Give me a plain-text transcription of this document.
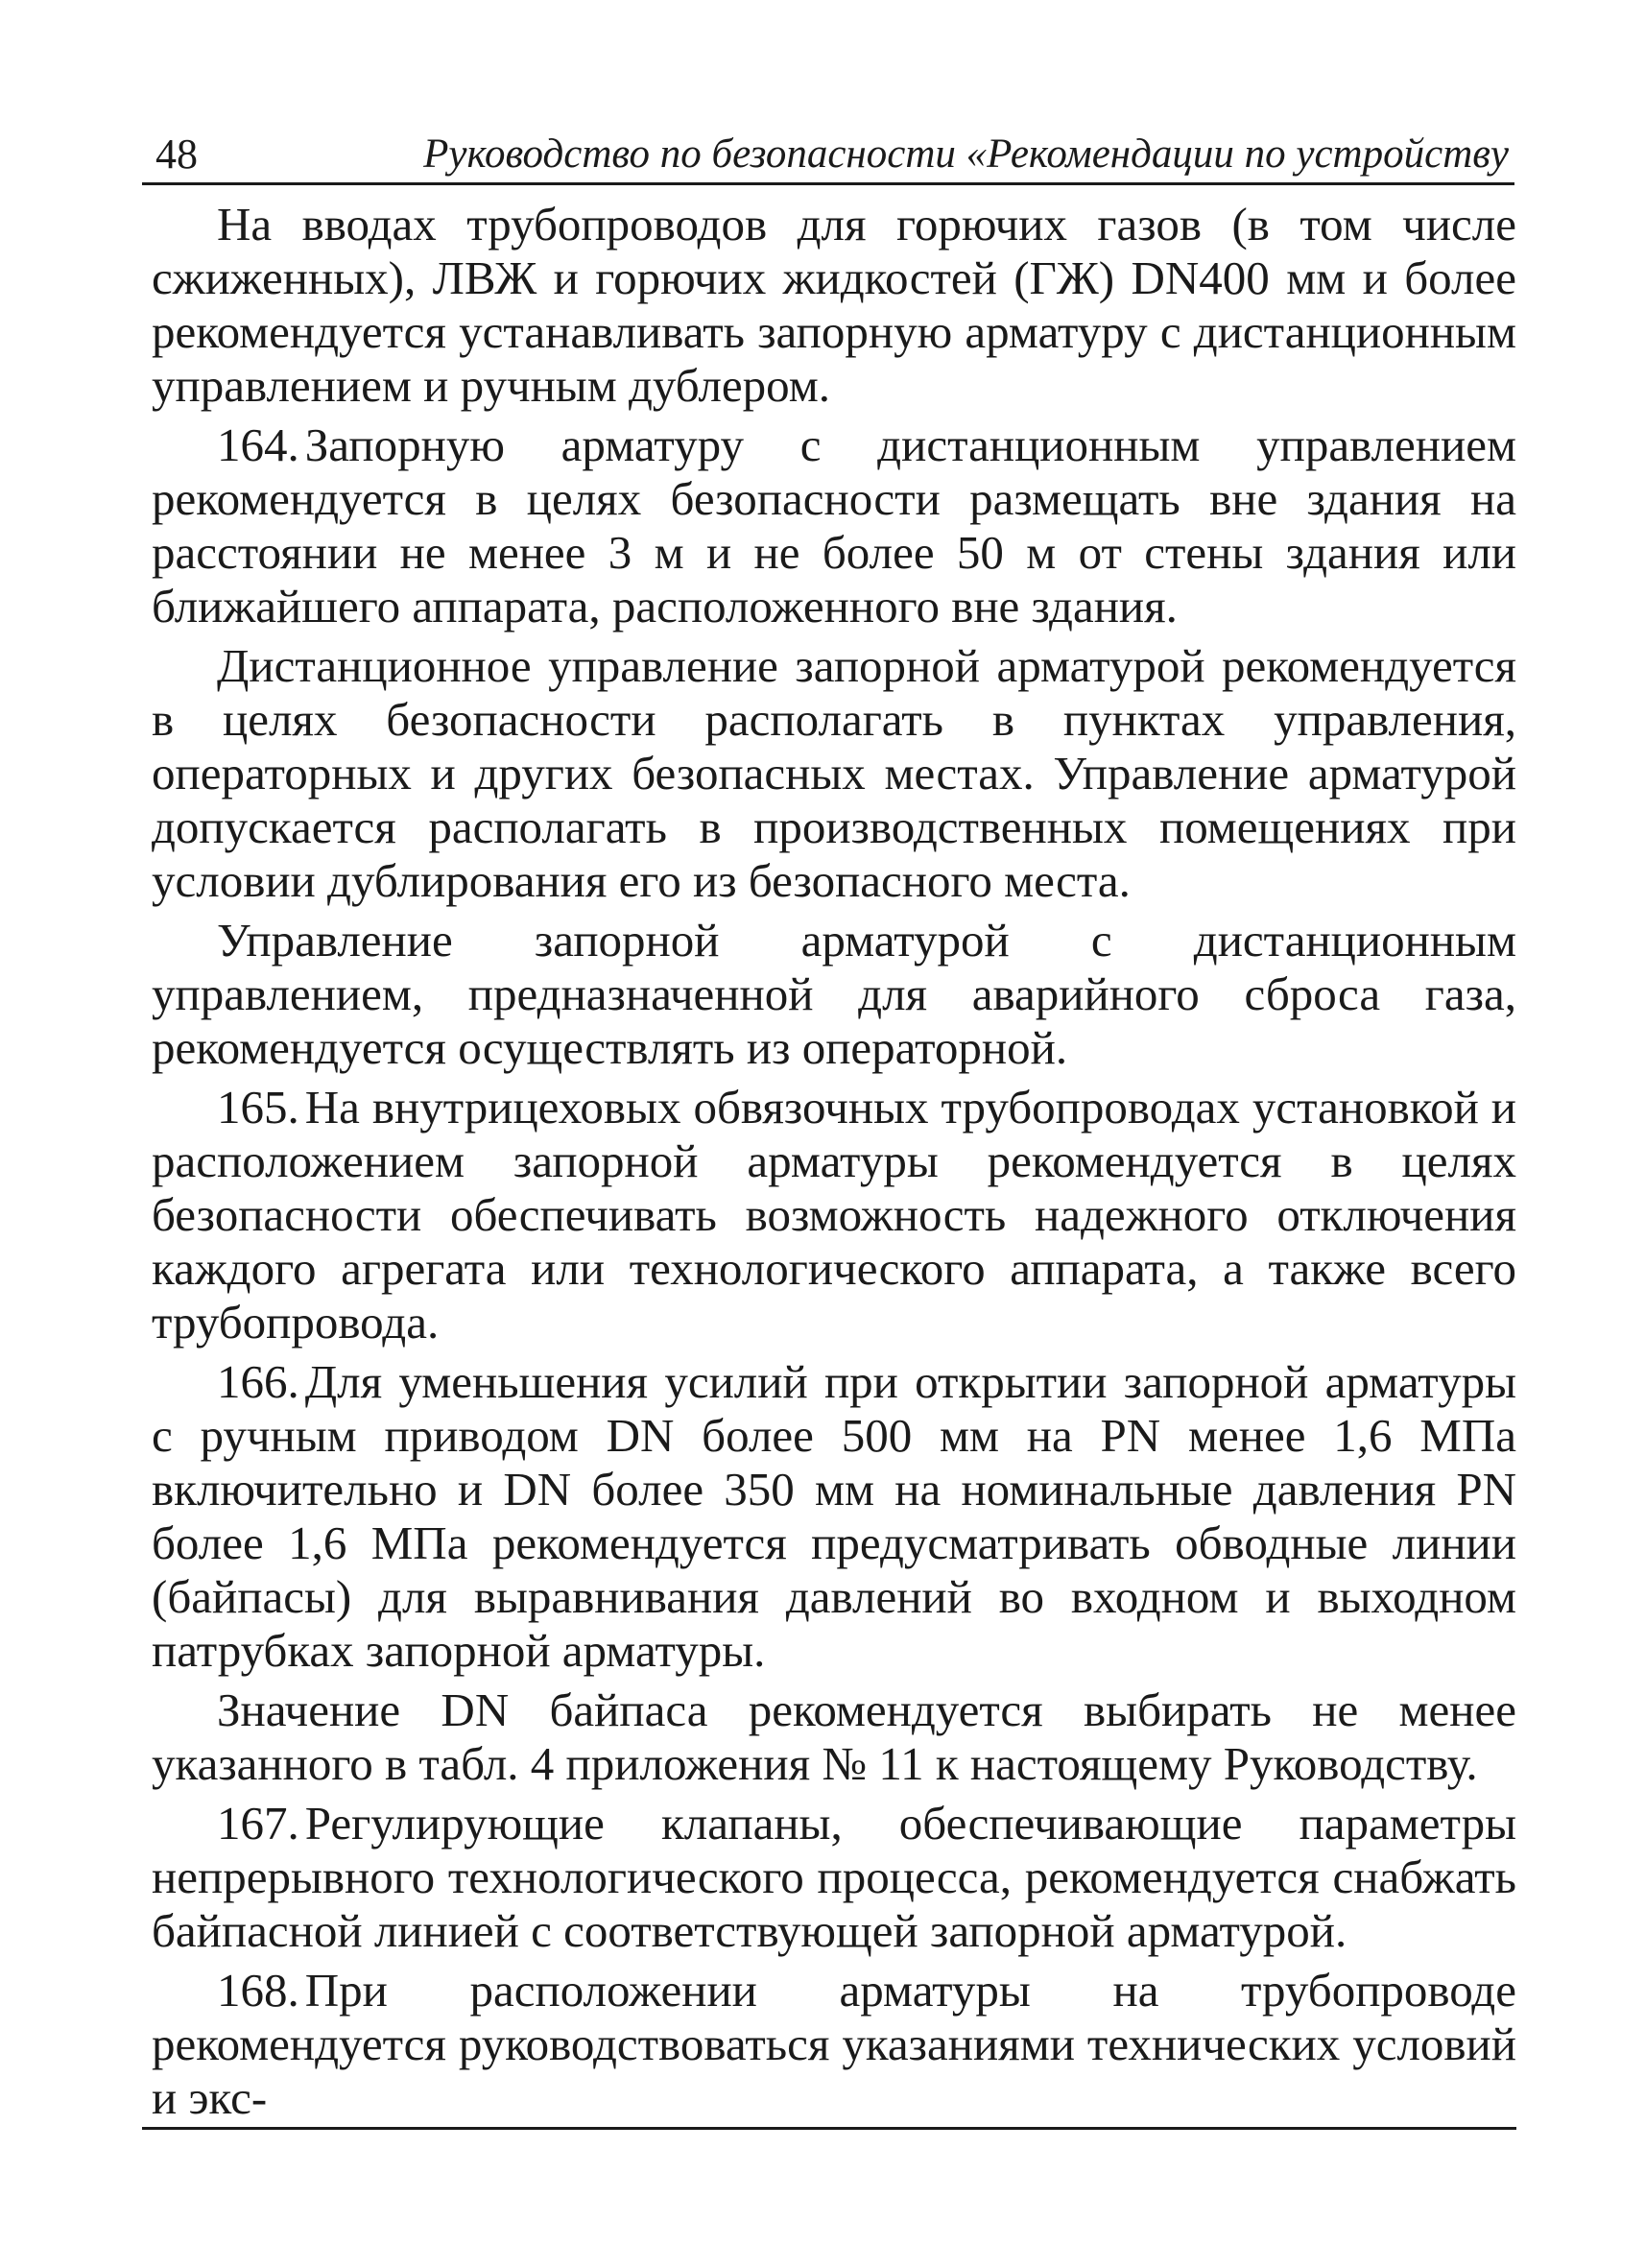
48	Руководство по безопасности «Рекомендации по устройству

На вводах трубопроводов для горючих газов (в том числе сжиженных), ЛВЖ и горючих жидкостей (ГЖ) DN400 мм и более рекомендуется устанавливать запорную арматуру с дистанционным управлением и ручным дублером.

164. Запорную арматуру с дистанционным управлением рекомендуется в целях безопасности размещать вне здания на расстоянии не менее 3 м и не более 50 м от стены здания или ближайшего аппарата, расположенного вне здания.

Дистанционное управление запорной арматурой рекомендуется в целях безопасности располагать в пунктах управления, операторных и других безопасных местах. Управление арматурой допускается располагать в производственных помещениях при условии дублирования его из безопасного места.

Управление запорной арматурой с дистанционным управлением, предназначенной для аварийного сброса газа, рекомендуется осуществлять из операторной.

165. На внутрицеховых обвязочных трубопроводах установкой и расположением запорной арматуры рекомендуется в целях безопасности обеспечивать возможность надежного отключения каждого агрегата или технологического аппарата, а также всего трубопровода.

166. Для уменьшения усилий при открытии запорной арматуры с ручным приводом DN более 500 мм на PN менее 1,6 МПа включительно и DN более 350 мм на номинальные давления PN более 1,6 МПа рекомендуется предусматривать обводные линии (байпасы) для выравнивания давлений во входном и выходном патрубках запорной арматуры.

Значение DN байпаса рекомендуется выбирать не менее указанного в табл. 4 приложения № 11 к настоящему Руководству.

167. Регулирующие клапаны, обеспечивающие параметры непрерывного технологического процесса, рекомендуется снабжать байпасной линией с соответствующей запорной арматурой.

168. При расположении арматуры на трубопроводе рекомендуется руководствоваться указаниями технических условий и экс-
